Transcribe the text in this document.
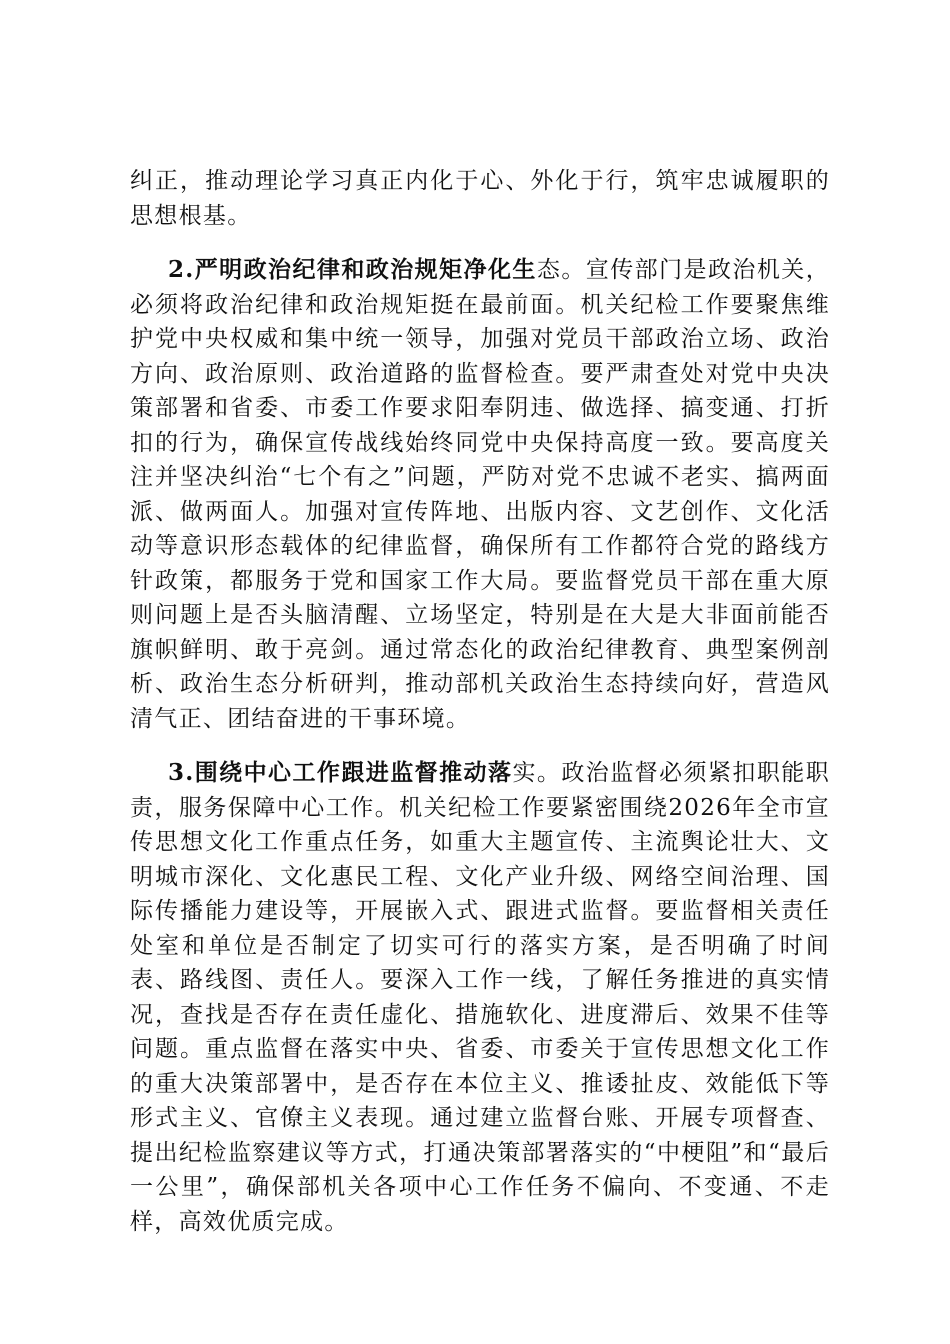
纠正，推动理论学习真正内化于心、外化于行，筑牢忠诚履职的思想根基。

2.严明政治纪律和政治规矩净化生态。宣传部门是政治机关，必须将政治纪律和政治规矩挺在最前面。机关纪检工作要聚焦维护党中央权威和集中统一领导，加强对党员干部政治立场、政治方向、政治原则、政治道路的监督检查。要严肃查处对党中央决策部署和省委、市委工作要求阳奉阴违、做选择、搞变通、打折扣的行为，确保宣传战线始终同党中央保持高度一致。要高度关注并坚决纠治“七个有之”问题，严防对党不忠诚不老实、搞两面派、做两面人。加强对宣传阵地、出版内容、文艺创作、文化活动等意识形态载体的纪律监督，确保所有工作都符合党的路线方针政策，都服务于党和国家工作大局。要监督党员干部在重大原则问题上是否头脑清醒、立场坚定，特别是在大是大非面前能否旗帜鲜明、敢于亮剑。通过常态化的政治纪律教育、典型案例剖析、政治生态分析研判，推动部机关政治生态持续向好，营造风清气正、团结奋进的干事环境。

3.围绕中心工作跟进监督推动落实。政治监督必须紧扣职能职责，服务保障中心工作。机关纪检工作要紧密围绕2026年全市宣传思想文化工作重点任务，如重大主题宣传、主流舆论壮大、文明城市深化、文化惠民工程、文化产业升级、网络空间治理、国际传播能力建设等，开展嵌入式、跟进式监督。要监督相关责任处室和单位是否制定了切实可行的落实方案，是否明确了时间表、路线图、责任人。要深入工作一线，了解任务推进的真实情况，查找是否存在责任虚化、措施软化、进度滞后、效果不佳等问题。重点监督在落实中央、省委、市委关于宣传思想文化工作的重大决策部署中，是否存在本位主义、推诿扯皮、效能低下等形式主义、官僚主义表现。通过建立监督台账、开展专项督查、提出纪检监察建议等方式，打通决策部署落实的“中梗阻”和“最后一公里”，确保部机关各项中心工作任务不偏向、不变通、不走样，高效优质完成。
